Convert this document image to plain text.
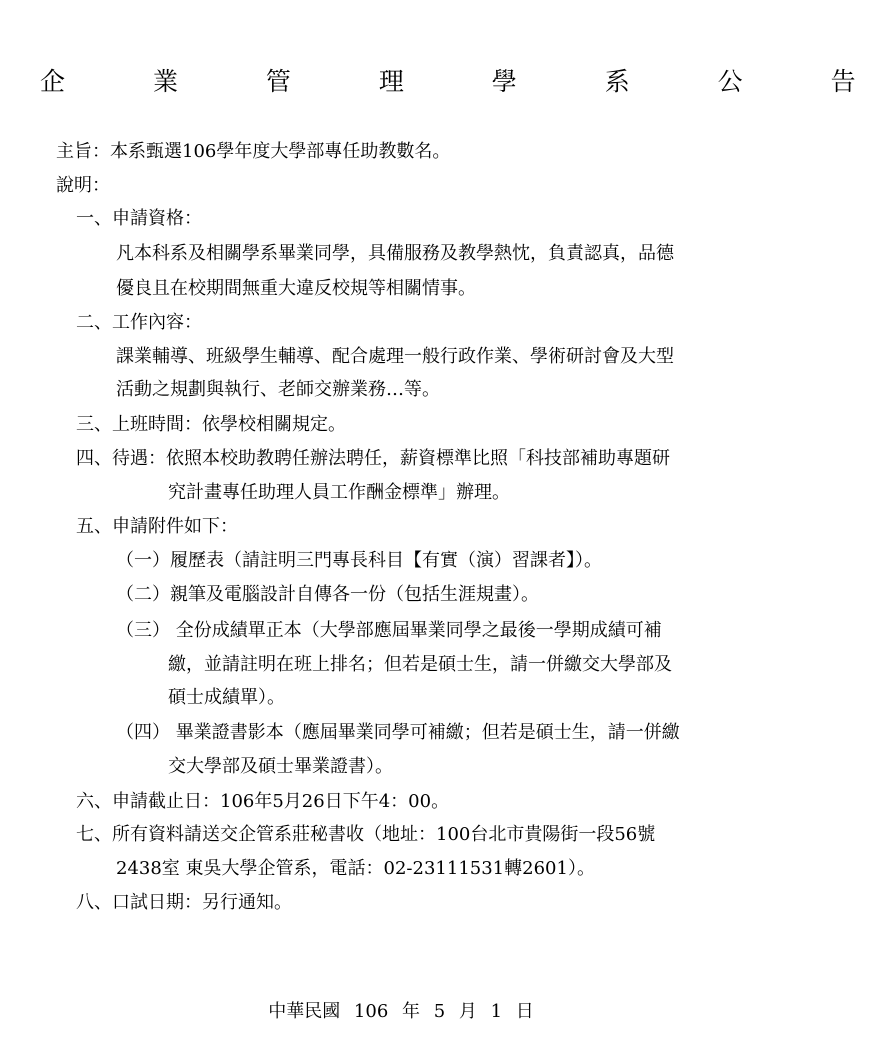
企 業 管 理 學 系 公 告
主旨：本系甄選106學年度大學部專任助教數名。
說明：
一、申請資格：
凡本科系及相關學系畢業同學，具備服務及教學熱忱，負責認真，品德
優良且在校期間無重大違反校規等相關情事。
二、工作內容：
課業輔導、班級學生輔導、配合處理一般行政作業、學術研討會及大型
活動之規劃與執行、老師交辦業務…等。
三、上班時間：依學校相關規定。
四、待遇：依照本校助教聘任辦法聘任，薪資標準比照「科技部補助專題研
究計畫專任助理人員工作酬金標準」辦理。
五、申請附件如下：
（一）履歷表（請註明三門專長科目【有實（演）習課者】）。
（二）親筆及電腦設計自傳各一份（包括生涯規畫）。
（三） 全份成績單正本（大學部應屆畢業同學之最後一學期成績可補
繳，並請註明在班上排名；但若是碩士生，請一併繳交大學部及
碩士成績單）。
（四） 畢業證書影本（應屆畢業同學可補繳；但若是碩士生，請一併繳
交大學部及碩士畢業證書）。
六、申請截止日：106年5月26日下午4：00。
七、所有資料請送交企管系莊秘書收（地址：100台北市貴陽街一段56號
2438室 東吳大學企管系，電話：02-23111531轉2601）。
八、口試日期：另行通知。
中華民國 106 年 5 月 1 日
